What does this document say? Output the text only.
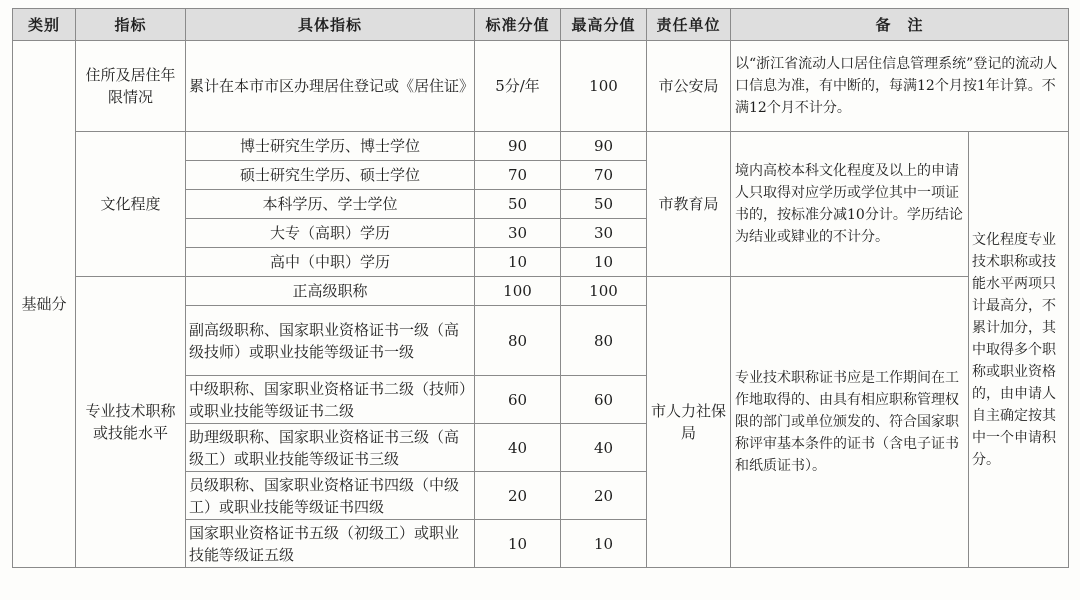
类别	指标	具体指标	标准分值	最高分值	责任单位	备　注	
基础分	住所及居住年限情况	累计在本市市区办理居住登记或《居住证》	5分/年	100	市公安局	以“浙江省流动人口居住信息管理系统”登记的流动人口信息为准，有中断的，每满12个月按1年计算。不满12个月不计分。	
	文化程度	博士研究生学历、博士学位	90	90	市教育局	境内高校本科文化程度及以上的申请人只取得对应学历或学位其中一项证书的，按标准分减10分计。学历结论为结业或肄业的不计分。	文化程度专业技术职称或技能水平两项只计最高分，不累计加分，其中取得多个职称或职业资格的，由申请人自主确定按其中一个申请积分。
		硕士研究生学历、硕士学位	70	70			
		本科学历、学士学位	50	50			
		大专（高职）学历	30	30			
		高中（中职）学历	10	10			
	专业技术职称或技能水平	正高级职称	100	100	市人力社保局	专业技术职称证书应是工作期间在工作地取得的、由具有相应职称管理权限的部门或单位颁发的、符合国家职称评审基本条件的证书（含电子证书和纸质证书）。	
		副高级职称、国家职业资格证书一级（高级技师）或职业技能等级证书一级	80	80			
		中级职称、国家职业资格证书二级（技师）或职业技能等级证书二级	60	60			
		助理级职称、国家职业资格证书三级（高级工）或职业技能等级证书三级	40	40			
		员级职称、国家职业资格证书四级（中级工）或职业技能等级证书四级	20	20			
		国家职业资格证书五级（初级工）或职业技能等级证五级	10	10			
